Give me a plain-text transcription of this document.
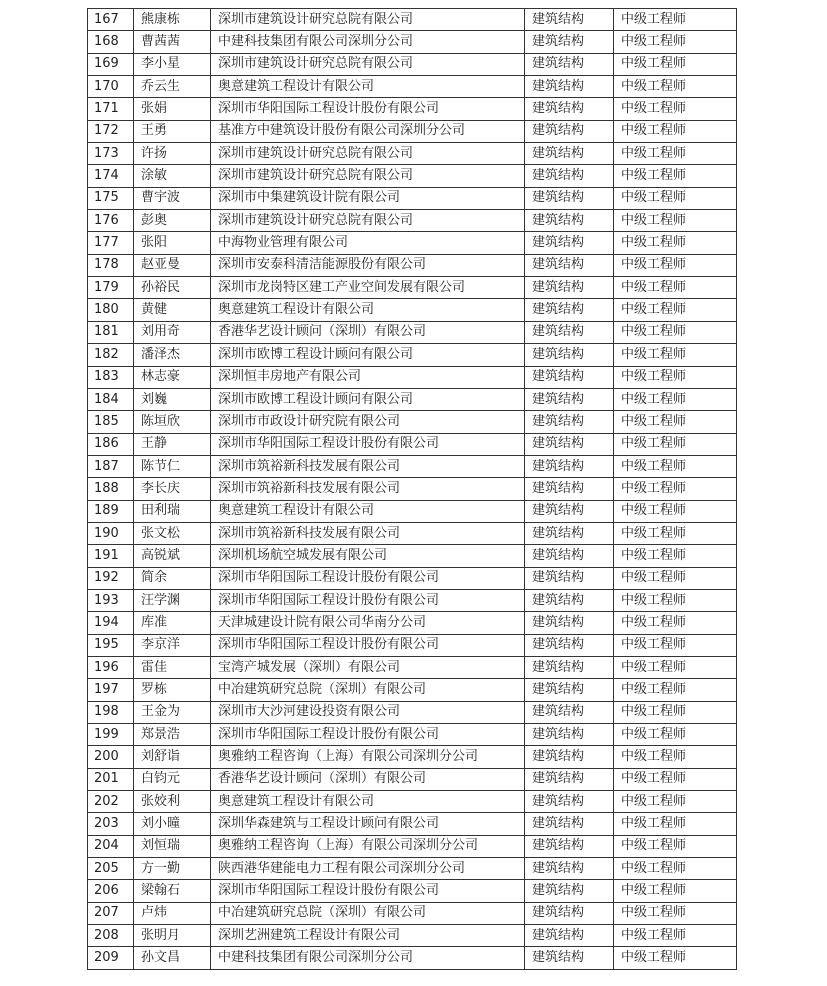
167	熊康栋	深圳市建筑设计研究总院有限公司	建筑结构	中级工程师
168	曹茜茜	中建科技集团有限公司深圳分公司	建筑结构	中级工程师
169	李小星	深圳市建筑设计研究总院有限公司	建筑结构	中级工程师
170	乔云生	奥意建筑工程设计有限公司	建筑结构	中级工程师
171	张娟	深圳市华阳国际工程设计股份有限公司	建筑结构	中级工程师
172	王勇	基准方中建筑设计股份有限公司深圳分公司	建筑结构	中级工程师
173	许扬	深圳市建筑设计研究总院有限公司	建筑结构	中级工程师
174	涂敏	深圳市建筑设计研究总院有限公司	建筑结构	中级工程师
175	曹宇波	深圳市中集建筑设计院有限公司	建筑结构	中级工程师
176	彭奥	深圳市建筑设计研究总院有限公司	建筑结构	中级工程师
177	张阳	中海物业管理有限公司	建筑结构	中级工程师
178	赵亚曼	深圳市安泰科清洁能源股份有限公司	建筑结构	中级工程师
179	孙裕民	深圳市龙岗特区建工产业空间发展有限公司	建筑结构	中级工程师
180	黄健	奥意建筑工程设计有限公司	建筑结构	中级工程师
181	刘用奇	香港华艺设计顾问（深圳）有限公司	建筑结构	中级工程师
182	潘泽杰	深圳市欧博工程设计顾问有限公司	建筑结构	中级工程师
183	林志豪	深圳恒丰房地产有限公司	建筑结构	中级工程师
184	刘巍	深圳市欧博工程设计顾问有限公司	建筑结构	中级工程师
185	陈垣欣	深圳市市政设计研究院有限公司	建筑结构	中级工程师
186	王静	深圳市华阳国际工程设计股份有限公司	建筑结构	中级工程师
187	陈节仁	深圳市筑裕新科技发展有限公司	建筑结构	中级工程师
188	李长庆	深圳市筑裕新科技发展有限公司	建筑结构	中级工程师
189	田利瑞	奥意建筑工程设计有限公司	建筑结构	中级工程师
190	张文松	深圳市筑裕新科技发展有限公司	建筑结构	中级工程师
191	高锐斌	深圳机场航空城发展有限公司	建筑结构	中级工程师
192	简余	深圳市华阳国际工程设计股份有限公司	建筑结构	中级工程师
193	汪学渊	深圳市华阳国际工程设计股份有限公司	建筑结构	中级工程师
194	库准	天津城建设计院有限公司华南分公司	建筑结构	中级工程师
195	李京洋	深圳市华阳国际工程设计股份有限公司	建筑结构	中级工程师
196	雷佳	宝湾产城发展（深圳）有限公司	建筑结构	中级工程师
197	罗栋	中冶建筑研究总院（深圳）有限公司	建筑结构	中级工程师
198	王金为	深圳市大沙河建设投资有限公司	建筑结构	中级工程师
199	郑景浩	深圳市华阳国际工程设计股份有限公司	建筑结构	中级工程师
200	刘舒诣	奥雅纳工程咨询（上海）有限公司深圳分公司	建筑结构	中级工程师
201	白钧元	香港华艺设计顾问（深圳）有限公司	建筑结构	中级工程师
202	张姣利	奥意建筑工程设计有限公司	建筑结构	中级工程师
203	刘小曈	深圳华森建筑与工程设计顾问有限公司	建筑结构	中级工程师
204	刘恒瑞	奥雅纳工程咨询（上海）有限公司深圳分公司	建筑结构	中级工程师
205	方一勤	陕西港华建能电力工程有限公司深圳分公司	建筑结构	中级工程师
206	梁翰石	深圳市华阳国际工程设计股份有限公司	建筑结构	中级工程师
207	卢炜	中冶建筑研究总院（深圳）有限公司	建筑结构	中级工程师
208	张明月	深圳艺洲建筑工程设计有限公司	建筑结构	中级工程师
209	孙文昌	中建科技集团有限公司深圳分公司	建筑结构	中级工程师
